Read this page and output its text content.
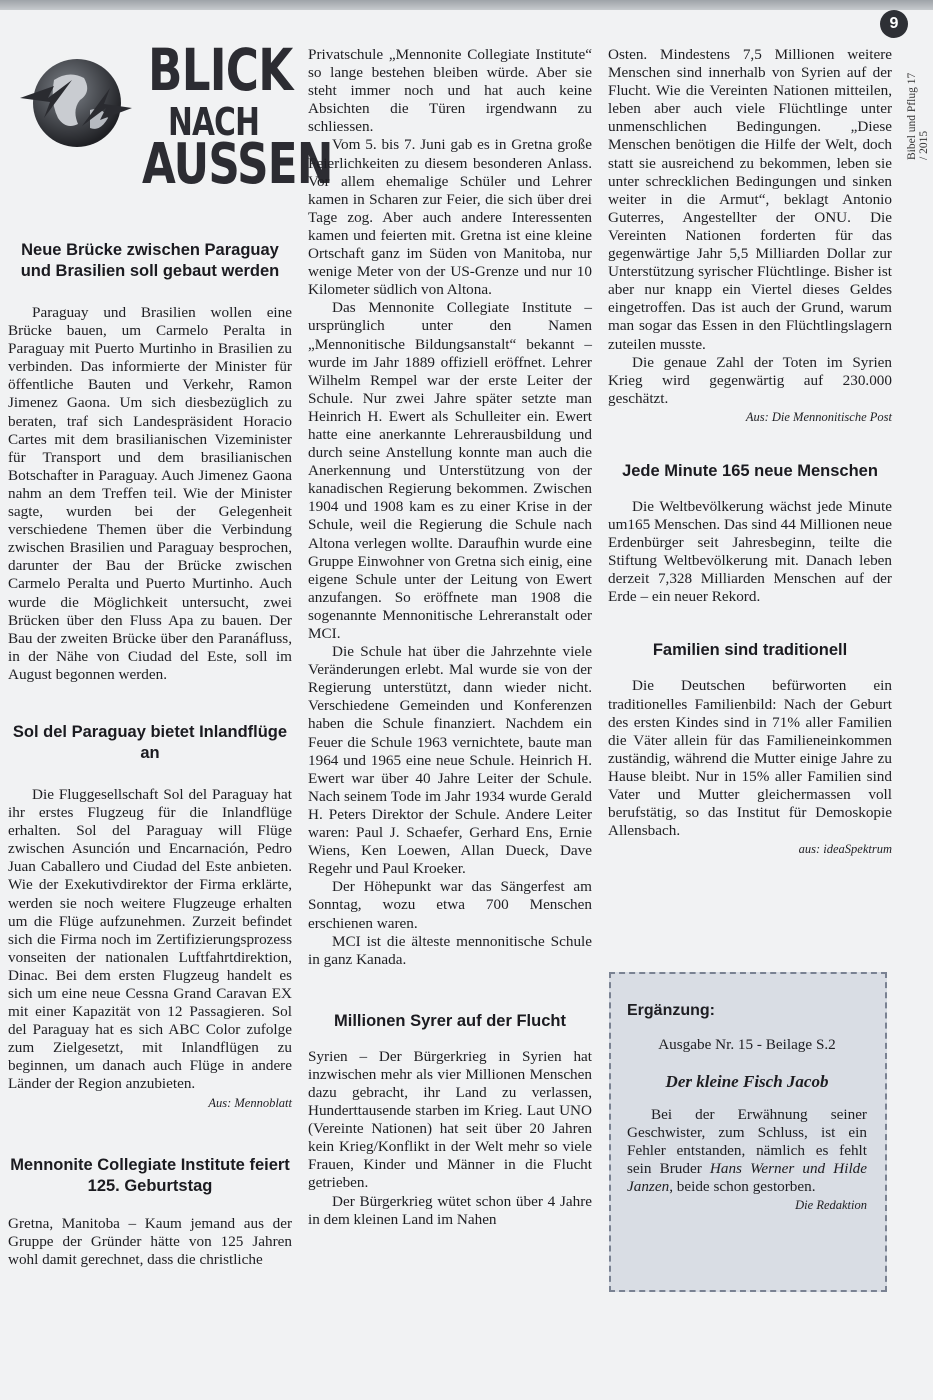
9
Bibel und Pflug 17 / 2015
BLICK
NACH
AUSSEN
Neue Brücke zwischen Paraguay und Brasilien soll gebaut werden

Paraguay und Brasilien wollen eine Brücke bauen, um Carmelo Peralta in Paraguay mit Puerto Murtinho in Brasilien zu verbinden. Das informierte der Minister für öffentliche Bauten und Verkehr, Ramon Jimenez Gaona. Um sich diesbezüglich zu beraten, traf sich Landespräsident Horacio Cartes mit dem brasilianischen Vizeminister für Transport und dem brasilianischen Botschafter in Paraguay. Auch Jimenez Gaona nahm an dem Treffen teil. Wie der Minister sagte, wurden bei der Gelegenheit verschiedene Themen über die Verbindung zwischen Brasilien und Paraguay besprochen, darunter der Bau der Brücke zwischen Carmelo Peralta und Puerto Murtinho. Auch wurde die Möglichkeit untersucht, zwei Brücken über den Fluss Apa zu bauen. Der Bau der zweiten Brücke über den Paranáfluss, in der Nähe von Ciudad del Este, soll im August begonnen werden.

Sol del Paraguay bietet Inlandflüge an

Die Fluggesellschaft Sol del Paraguay hat ihr erstes Flugzeug für die Inlandflüge erhalten. Sol del Paraguay will Flüge zwischen Asunción und Encarnación, Pedro Juan Caballero und Ciudad del Este anbieten. Wie der Exekutivdirektor der Firma erklärte, werden sie noch weitere Flugzeuge erhalten um die Flüge aufzunehmen. Zurzeit befindet sich die Firma noch im Zertifizierungsprozess vonseiten der nationalen Luftfahrtdirektion, Dinac. Bei dem ersten Flugzeug handelt es sich um eine neue Cessna Grand Caravan EX mit einer Kapazität von 12 Passagieren. Sol del Paraguay hat es sich ABC Color zufolge zum Zielgesetzt, mit Inlandflügen zu beginnen, um danach auch Flüge in andere Länder der Region anzubieten.

Aus: Mennoblatt
Mennonite Collegiate Institute feiert 125. Geburtstag

Gretna, Manitoba – Kaum jemand aus der Gruppe der Gründer hätte von 125 Jahren wohl damit gerechnet, dass die christliche

Privatschule „Mennonite Collegiate Institute“ so lange bestehen bleiben würde. Aber sie steht immer noch und hat auch keine Absichten die Türen irgendwann zu schliessen.

Vom 5. bis 7. Juni gab es in Gretna große Feierlichkeiten zu diesem besonderen Anlass. Vor allem ehemalige Schüler und Lehrer kamen in Scharen zur Feier, die sich über drei Tage zog. Aber auch andere Interessenten kamen und feierten mit. Gretna ist eine kleine Ortschaft ganz im Süden von Manitoba, nur wenige Meter von der US-Grenze und nur 10 Kilometer südlich von Altona.

Das Mennonite Collegiate Institute – ursprünglich unter den Namen „Mennonitische Bildungsanstalt“ bekannt – wurde im Jahr 1889 offiziell eröffnet. Lehrer Wilhelm Rempel war der erste Leiter der Schule. Nur zwei Jahre später setzte man Heinrich H. Ewert als Schulleiter ein. Ewert hatte eine anerkannte Lehrerausbildung und durch seine Anstellung konnte man auch die Anerkennung und Unterstützung von der kanadischen Regierung bekommen. Zwischen 1904 und 1908 kam es zu einer Krise in der Schule, weil die Regierung die Schule nach Altona verlegen wollte. Daraufhin wurde eine Gruppe Einwohner von Gretna sich einig, eine eigene Schule unter der Leitung von Ewert anzufangen. So eröffnete man 1908 die sogenannte Mennonitische Lehreranstalt oder MCI.

Die Schule hat über die Jahrzehnte viele Veränderungen erlebt. Mal wurde sie von der Regierung unterstützt, dann wieder nicht. Verschiedene Gemeinden und Konferenzen haben die Schule finanziert. Nachdem ein Feuer die Schule 1963 vernichtete, baute man 1964 und 1965 eine neue Schule. Heinrich H. Ewert war über 40 Jahre Leiter der Schule. Nach seinem Tode im Jahr 1934 wurde Gerald H. Peters Direktor der Schule. Andere Leiter waren: Paul J. Schaefer, Gerhard Ens, Ernie Wiens, Ken Loewen, Allan Dueck, Dave Regehr und Paul Kroeker.

Der Höhepunkt war das Sängerfest am Sonntag, wozu etwa 700 Menschen erschienen waren.

MCI ist die älteste mennonitische Schule in ganz Kanada.

Millionen Syrer auf der Flucht

Syrien – Der Bürgerkrieg in Syrien hat inzwischen mehr als vier Millionen Menschen dazu gebracht, ihr Land zu verlassen, Hunderttausende starben im Krieg. Laut UNO (Vereinte Nationen) hat seit über 20 Jahren kein Krieg/Konflikt in der Welt mehr so viele Frauen, Kinder und Männer in die Flucht getrieben.

Der Bürgerkrieg wütet schon über 4 Jahre in dem kleinen Land im Nahen

Osten. Mindestens 7,5 Millionen weitere Menschen sind innerhalb von Syrien auf der Flucht. Wie die Vereinten Nationen mitteilen, leben aber auch viele Flüchtlinge unter unmenschlichen Bedingungen. „Diese Menschen benötigen die Hilfe der Welt, doch statt sie ausreichend zu bekommen, leben sie unter schrecklichen Bedingungen und sinken weiter in die Armut“, beklagt Antonio Guterres, Angestellter der ONU. Die Vereinten Nationen forderten für das gegenwärtige Jahr 5,5 Milliarden Dollar zur Unterstützung syrischer Flüchtlinge. Bisher ist aber nur knapp ein Viertel dieses Geldes eingetroffen. Das ist auch der Grund, warum man sogar das Essen in den Flüchtlingslagern zuteilen musste.

Die genaue Zahl der Toten im Syrien Krieg wird gegenwärtig auf 230.000 geschätzt.

Aus: Die Mennonitische Post
Jede Minute 165 neue Menschen

Die Weltbevölkerung wächst jede Minute um165 Menschen. Das sind 44 Millionen neue Erdenbürger seit Jahresbeginn, teilte die Stiftung Weltbevölkerung mit. Danach leben derzeit 7,328 Milliarden Menschen auf der Erde – ein neuer Rekord.

Familien sind traditionell

Die Deutschen befürworten ein traditionelles Familienbild: Nach der Geburt des ersten Kindes sind in 71% aller Familien die Väter allein für das Familieneinkommen zuständig, während die Mutter einige Jahre zu Hause bleibt. Nur in 15% aller Familien sind Vater und Mutter gleichermassen voll berufstätig, so das Institut für Demoskopie Allensbach.

aus: ideaSpektrum
Ergänzung:
Ausgabe Nr. 15 - Beilage S.2
Der kleine Fisch Jacob

Bei der Erwähnung seiner Geschwister, zum Schluss, ist ein Fehler entstanden, nämlich es fehlt sein Bruder Hans Werner und Hilde Janzen, beide schon gestorben.

Die Redaktion
